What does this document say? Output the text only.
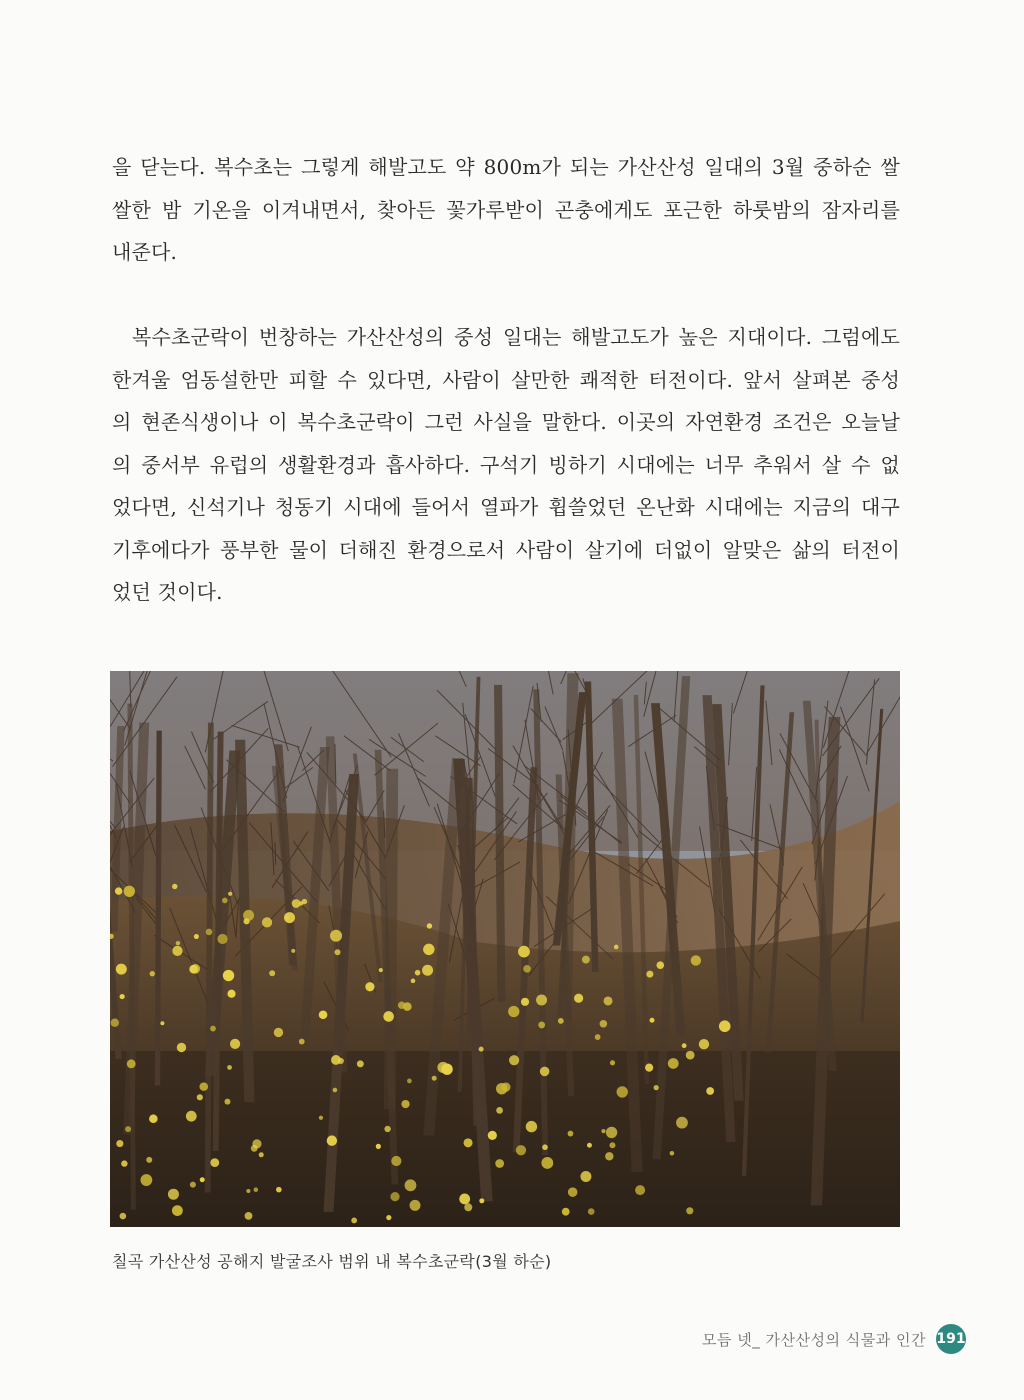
을 닫는다. 복수초는 그렇게 해발고도 약 800m가 되는 가산산성 일대의 3월 중하순 쌀
쌀한 밤 기온을 이겨내면서, 찾아든 꽃가루받이 곤충에게도 포근한 하룻밤의 잠자리를
내준다.
복수초군락이 번창하는 가산산성의 중성 일대는 해발고도가 높은 지대이다. 그럼에도
한겨울 엄동설한만 피할 수 있다면, 사람이 살만한 쾌적한 터전이다. 앞서 살펴본 중성
의 현존식생이나 이 복수초군락이 그런 사실을 말한다. 이곳의 자연환경 조건은 오늘날
의 중서부 유럽의 생활환경과 흡사하다. 구석기 빙하기 시대에는 너무 추워서 살 수 없
었다면, 신석기나 청동기 시대에 들어서 열파가 휩쓸었던 온난화 시대에는 지금의 대구
기후에다가 풍부한 물이 더해진 환경으로서 사람이 살기에 더없이 알맞은 삶의 터전이
었던 것이다.
칠곡 가산산성 공해지 발굴조사 범위 내 복수초군락(3월 하순)
모듬 넷_ 가산산성의 식물과 인간 191
